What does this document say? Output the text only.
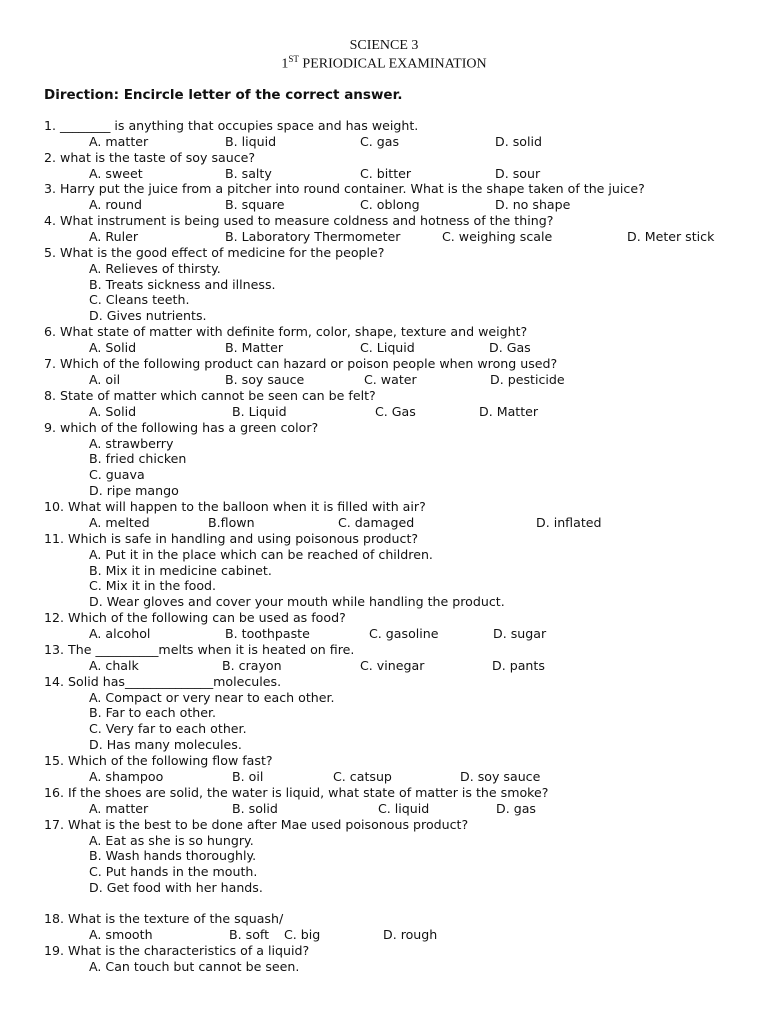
SCIENCE 3
1ST PERIODICAL EXAMINATION
Direction: Encircle letter of the correct answer.
1. ________ is anything that occupies space and has weight.
A. matter	B. liquid	C. gas	D. solid
2. what is the taste of soy sauce?
A. sweet	B. salty	C. bitter	D. sour
3. Harry put the juice from a pitcher into round container. What is the shape taken of the juice?
A. round	B. square	C. oblong	D. no shape
4. What instrument is being used to measure coldness and hotness of the thing?
A. Ruler	B. Laboratory Thermometer	C. weighing scale	D. Meter stick
5. What is the good effect of medicine for the people?
A. Relieves of thirsty.
B. Treats sickness and illness.
C. Cleans teeth.
D. Gives nutrients.
6. What state of matter with definite form, color, shape, texture and weight?
A. Solid	B. Matter	C. Liquid	D. Gas
7. Which of the following product can hazard or poison people when wrong used?
A. oil	B. soy sauce	C. water	D. pesticide
8. State of matter which cannot be seen can be felt?
A. Solid	B. Liquid	C. Gas	D. Matter
9. which of the following has a green color?
A. strawberry
B. fried chicken
C. guava
D. ripe mango
10. What will happen to the balloon when it is filled with air?
A. melted	B.flown	C. damaged	D. inflated
11. Which is safe in handling and using poisonous product?
A. Put it in the place which can be reached of children.
B. Mix it in medicine cabinet.
C. Mix it in the food.
D. Wear gloves and cover your mouth while handling the product.
12. Which of the following can be used as food?
A. alcohol	B. toothpaste	C. gasoline	D. sugar
13. The __________melts when it is heated on fire.
A. chalk	B. crayon	C. vinegar	D. pants
14. Solid has______________molecules.
A. Compact or very near to each other.
B. Far to each other.
C. Very far to each other.
D. Has many molecules.
15. Which of the following flow fast?
A. shampoo	B. oil	C. catsup	D. soy sauce
16. If the shoes are solid, the water is liquid, what state of matter is the smoke?
A. matter	B. solid	C. liquid	D. gas
17. What is the best to be done after Mae used poisonous product?
A. Eat as she is so hungry.
B. Wash hands thoroughly.
C. Put hands in the mouth.
D. Get food with her hands.
18. What is the texture of the squash/
A. smooth	B. soft C. big	D. rough
19. What is the characteristics of a liquid?
A. Can touch but cannot be seen.
